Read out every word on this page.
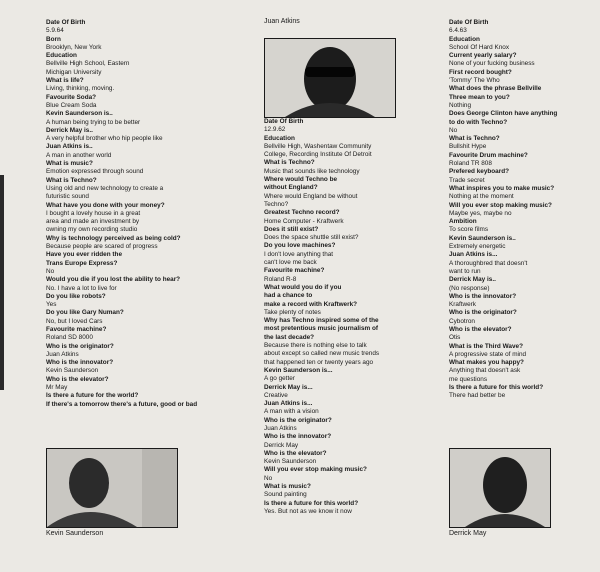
Juan Atkins
Date Of Birth
5.9.64
Born
Brooklyn, New York
Education
Bellville High School, Eastern
Michigan University
What is life?
Living, thinking, moving.
Favourite Soda?
Blue Cream Soda
Kevin Saunderson is..
A human being trying to be better
Derrick May is..
A very helpful brother who hip people like
Juan Atkins is..
A man in another world
What is music?
Emotion expressed through sound
What is Techno?
Using old and new technology to create a
futuristic sound
What have you done with your money?
I bought a lovely house in a great
area and made an investment by
owning my own recording studio
Why is technology perceived as being cold?
Because people are scared of progress
Have you ever ridden the
Trans Europe Express?
No
Would you die if you lost the ability to hear?
No. I have a lot to live for
Do you like robots?
Yes
Do you like Gary Numan?
No, but I loved Cars
Favourite machine?
Roland SD 8000
Who is the originator?
Juan Atkins
Who is the innovator?
Kevin Saunderson
Who is the elevator?
Mr May
Is there a future for the world?
If there's a tomorrow there's a future, good or bad
Date Of Birth
12.9.62
Education
Bellville High, Washentaw Community
College, Recording Institute Of Detroit
What is Techno?
Music that sounds like technology
Where would Techno be
without England?
Where would England be without
Techno?
Greatest Techno record?
Home Computer - Kraftwerk
Does it still exist?
Does the space shuttle still exist?
Do you love machines?
I don't love anything that
can't love me back
Favourite machine?
Roland R-8
What would you do if you
had a chance to
make a record with Kraftwerk?
Take plenty of notes
Why has Techno inspired some of the
most pretentious music journalism of
the last decade?
Because there is nothing else to talk
about except so called new music trends
that happened ten or twenty years ago
Kevin Saunderson is...
A go getter
Derrick May is...
Creative
Juan Atkins is...
A man with a vision
Who is the originator?
Juan Atkins
Who is the innovator?
Derrick May
Who is the elevator?
Kevin Saunderson
Will you ever stop making music?
No
What is music?
Sound painting
Is there a future for this world?
Yes. But not as we know it now
Date Of Birth
6.4.63
Education
School Of Hard Knox
Current yearly salary?
None of your fucking business
First record bought?
'Tommy' The Who
What does the phrase Bellville
Three mean to you?
Nothing
Does George Clinton have anything
to do with Techno?
No
What is Techno?
Bullshit Hype
Favourite Drum machine?
Roland TR 808
Prefered keyboard?
Trade secret
What inspires you to make music?
Nothing at the moment
Will you ever stop making music?
Maybe yes, maybe no
Ambition
To score films
Kevin Saunderson is..
Extremely energetic
Juan Atkins is...
A thoroughbred that doesn't
want to run
Derrick May is..
(No response)
Who is the innovator?
Kraftwerk
Who is the originator?
Cybotron
Who is the elevator?
Otis
What is the Third Wave?
A progressive state of mind
What makes you happy?
Anything that doesn't ask
me questions
Is there a future for this world?
There had better be
Kevin Saunderson	Derrick May
